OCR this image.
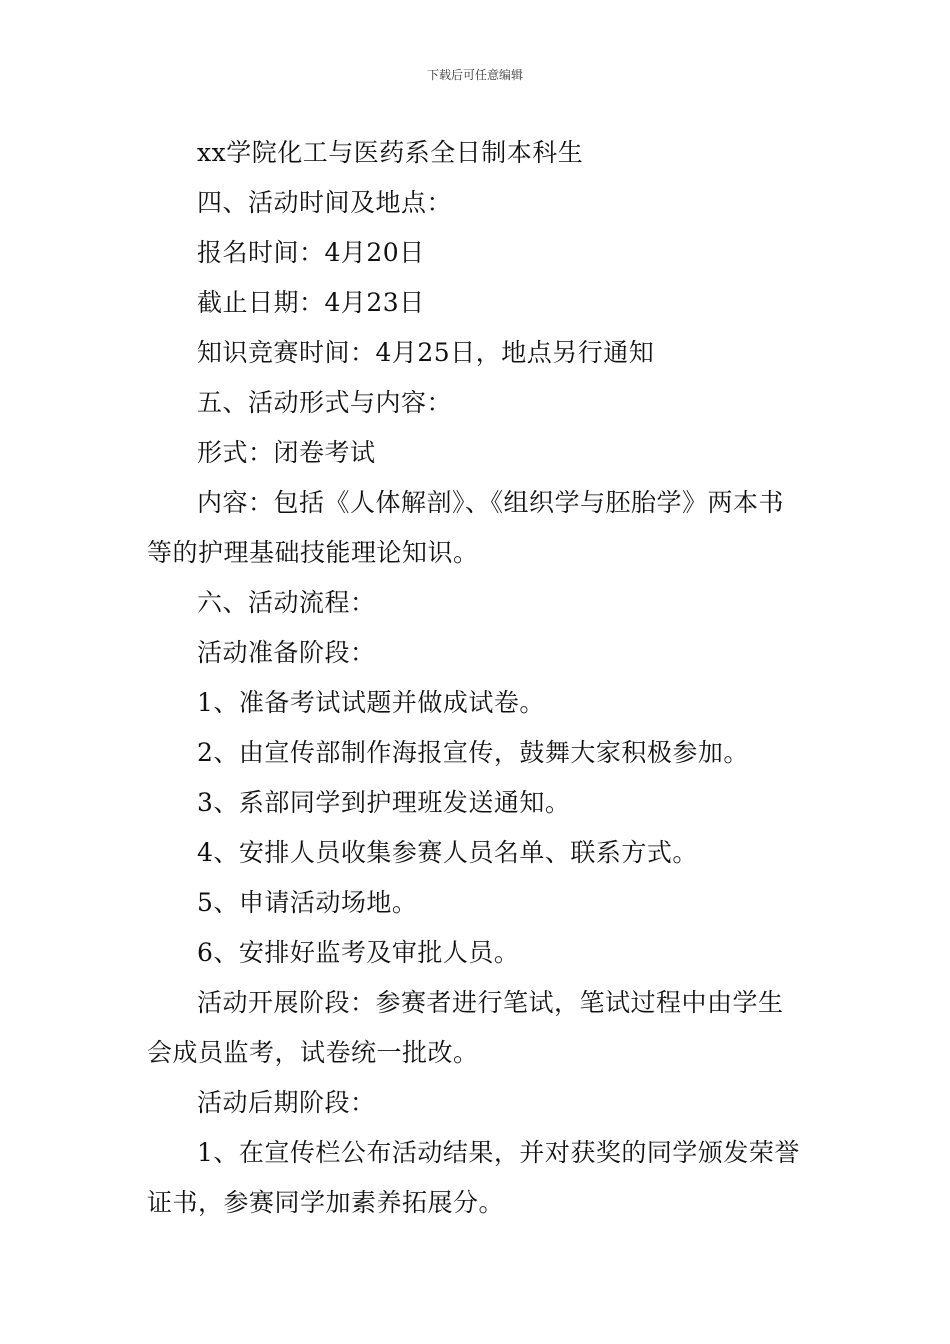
下载后可任意编辑

xx学院化工与医药系全日制本科生

四、活动时间及地点：

报名时间：4月20日

截止日期：4月23日

知识竞赛时间：4月25日，地点另行通知

五、活动形式与内容：

形式：闭卷考试

内容：包括《人体解剖》、《组织学与胚胎学》两本书等的护理基础技能理论知识。

六、活动流程：

活动准备阶段：

1、准备考试试题并做成试卷。

2、由宣传部制作海报宣传，鼓舞大家积极参加。

3、系部同学到护理班发送通知。

4、安排人员收集参赛人员名单、联系方式。

5、申请活动场地。

6、安排好监考及审批人员。

活动开展阶段：参赛者进行笔试，笔试过程中由学生会成员监考，试卷统一批改。

活动后期阶段：

1、在宣传栏公布活动结果，并对获奖的同学颁发荣誉证书，参赛同学加素养拓展分。
